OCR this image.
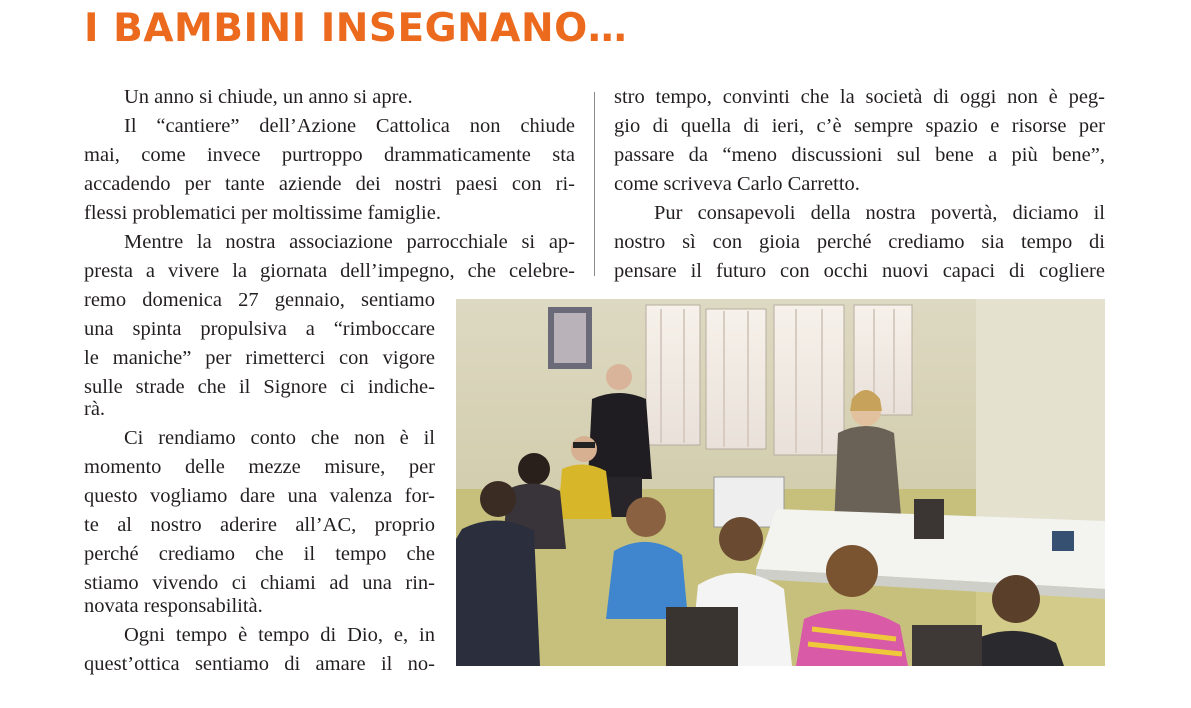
I BAMBINI INSEGNANO…
Un anno si chiude, un anno si apre.
Il “cantiere” dell’Azione Cattolica non chiude
mai, come invece purtroppo drammaticamente sta
accadendo per tante aziende dei nostri paesi con ri-
flessi problematici per moltissime famiglie.
Mentre la nostra associazione parrocchiale si ap-
presta a vivere la giornata dell’impegno, che celebre-
remo domenica 27 gennaio, sentiamo
una spinta propulsiva a “rimboccare
le maniche” per rimetterci con vigore
sulle strade che il Signore ci indiche-
rà.
Ci rendiamo conto che non è il
momento delle mezze misure, per
questo vogliamo dare una valenza for-
te al nostro aderire all’AC, proprio
perché crediamo che il tempo che
stiamo vivendo ci chiami ad una rin-
novata responsabilità.
Ogni tempo è tempo di Dio, e, in
quest’ottica sentiamo di amare il no-
stro tempo, convinti che la società di oggi non è peg-
gio di quella di ieri, c’è sempre spazio e risorse per
passare da “meno discussioni sul bene a più bene”,
come scriveva Carlo Carretto.
Pur consapevoli della nostra povertà, diciamo il
nostro sì con gioia perché crediamo sia tempo di
pensare il futuro con occhi nuovi capaci di cogliere
